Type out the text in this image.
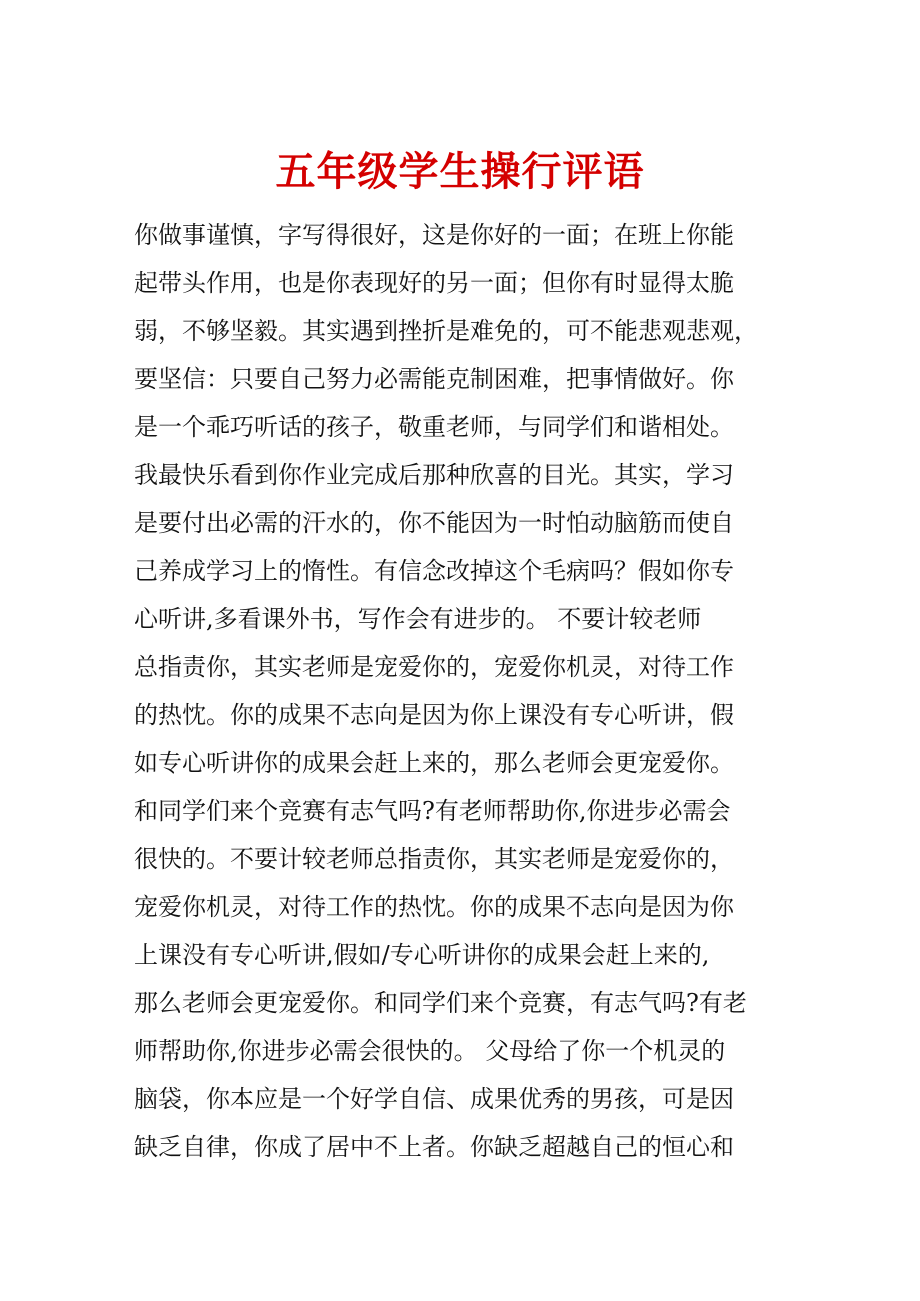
五年级学生操行评语
你做事谨慎，字写得很好，这是你好的一面；在班上你能
起带头作用，也是你表现好的另一面；但你有时显得太脆
弱，不够坚毅。其实遇到挫折是难免的，可不能悲观悲观，
要坚信：只要自己努力必需能克制困难，把事情做好。你
是一个乖巧听话的孩子，敬重老师，与同学们和谐相处。
我最快乐看到你作业完成后那种欣喜的目光。其实，学习
是要付出必需的汗水的，你不能因为一时怕动脑筋而使自
己养成学习上的惰性。有信念改掉这个毛病吗？假如你专
心听讲,多看课外书，写作会有进步的。 不要计较老师
总指责你，其实老师是宠爱你的，宠爱你机灵，对待工作
的热忱。你的成果不志向是因为你上课没有专心听讲，假
如专心听讲你的成果会赶上来的，那么老师会更宠爱你。
和同学们来个竞赛有志气吗?有老师帮助你,你进步必需会
很快的。不要计较老师总指责你，其实老师是宠爱你的，
宠爱你机灵，对待工作的热忱。你的成果不志向是因为你
上课没有专心听讲,假如/专心听讲你的成果会赶上来的,
那么老师会更宠爱你。和同学们来个竞赛，有志气吗?有老
师帮助你,你进步必需会很快的。 父母给了你一个机灵的
脑袋，你本应是一个好学自信、成果优秀的男孩，可是因
缺乏自律，你成了居中不上者。你缺乏超越自己的恒心和
